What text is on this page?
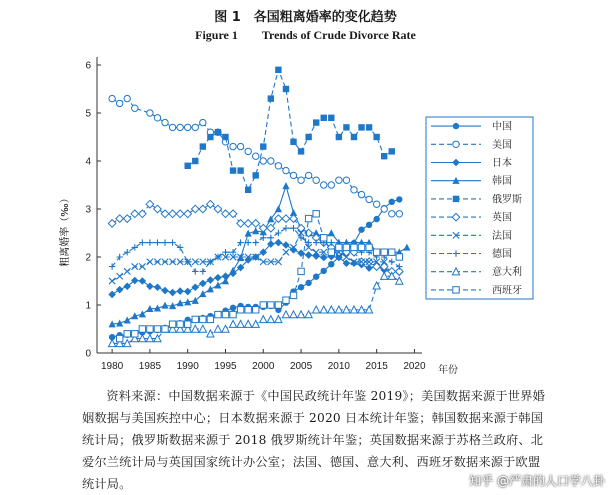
图 1　各国粗离婚率的变化趋势
Figure 1　　Trends of Crude Divorce Rate
0
1
2
3
4
5
6
1980 1985 1990 1995 2000 2005 2010 2015 2020
中国
美国
日本
韩国
俄罗斯
英国
法国
德国
意大利
西班牙
粗离婚率（‰）
年份
资料来源：中国数据来源于《中国民政统计年鉴 2019》；美国数据来源于世界婚姻数据与美国疾控中心；日本数据来源于 2020 日本统计年鉴；韩国数据来源于韩国统计局；俄罗斯数据来源于 2018 俄罗斯统计年鉴；英国数据来源于苏格兰政府、北爱尔兰统计局与英国国家统计办公室；法国、德国、意大利、西班牙数据来源于欧盟统计局。	知乎 @严肃的人口学八卦
